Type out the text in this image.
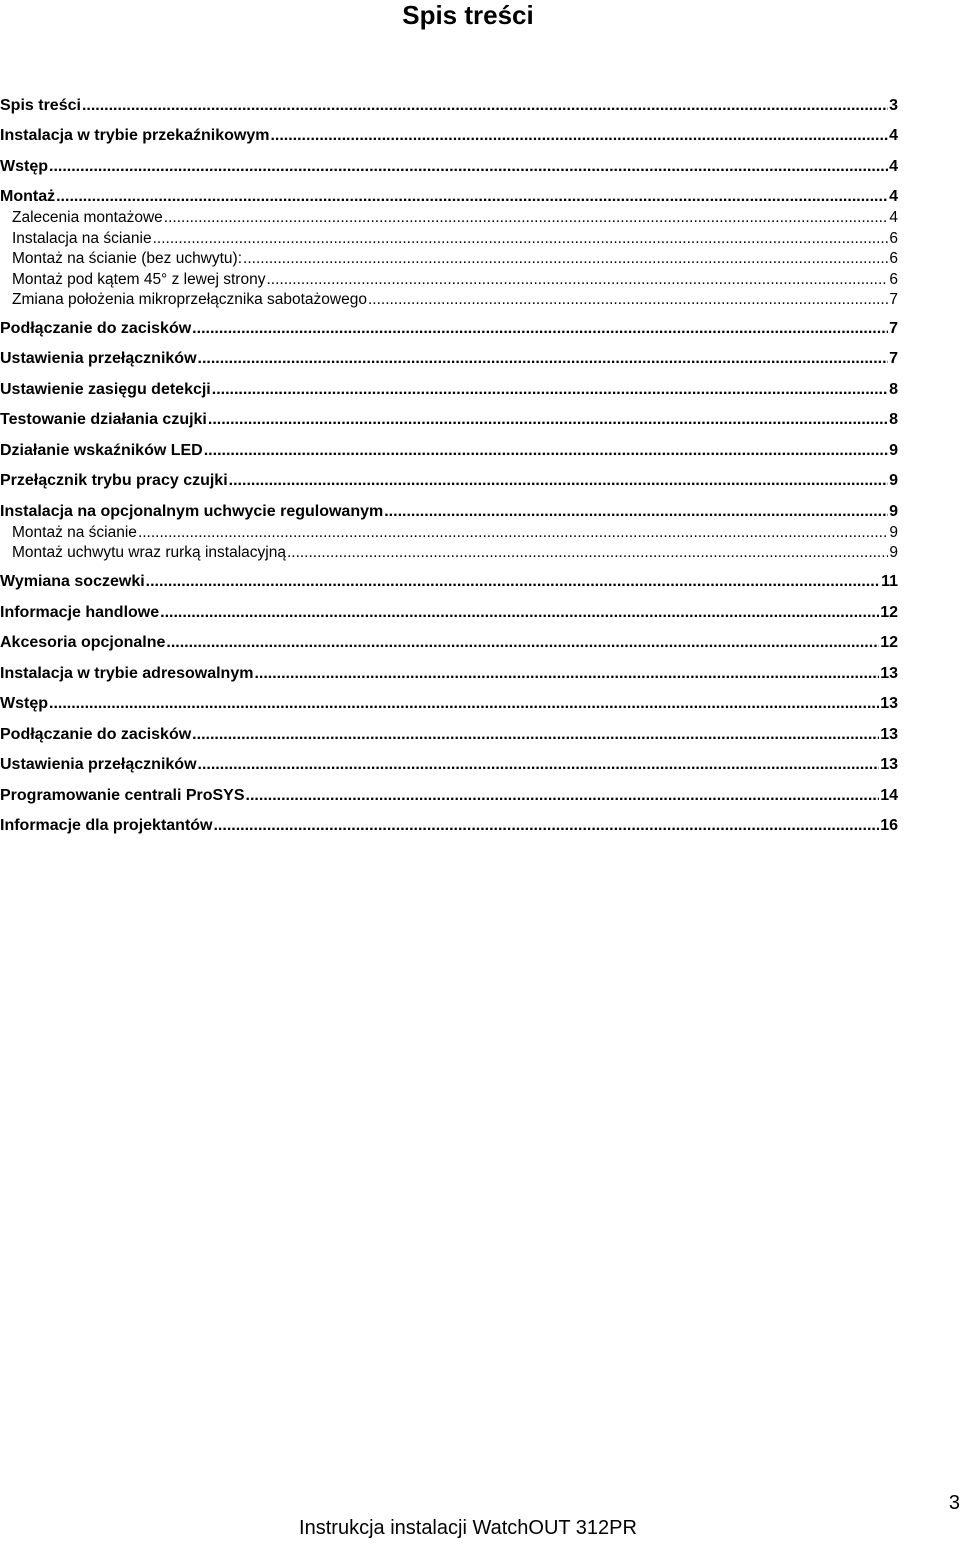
Spis treści
Spis treści .....	3
Instalacja w trybie przekaźnikowym .....	4
Wstęp .....	4
Montaż .....	4
Zalecenia montażowe .....	4
Instalacja na ścianie .....	6
Montaż na ścianie (bez uchwytu): .....	6
Montaż pod kątem 45° z lewej strony .....	6
Zmiana położenia mikroprzełącznika sabotażowego .....	7
Podłączanie do zacisków .....	7
Ustawienia przełączników .....	7
Ustawienie zasięgu detekcji .....	8
Testowanie działania czujki .....	8
Działanie wskaźników LED .....	9
Przełącznik trybu pracy czujki .....	9
Instalacja na opcjonalnym uchwycie regulowanym .....	9
Montaż na ścianie .....	9
Montaż uchwytu wraz rurką instalacyjną .....	9
Wymiana soczewki .....	11
Informacje handlowe .....	12
Akcesoria opcjonalne .....	12
Instalacja w trybie adresowalnym .....	13
Wstęp .....	13
Podłączanie do zacisków .....	13
Ustawienia przełączników .....	13
Programowanie centrali ProSYS .....	14
Informacje dla projektantów .....	16
3
Instrukcja instalacji WatchOUT 312PR
